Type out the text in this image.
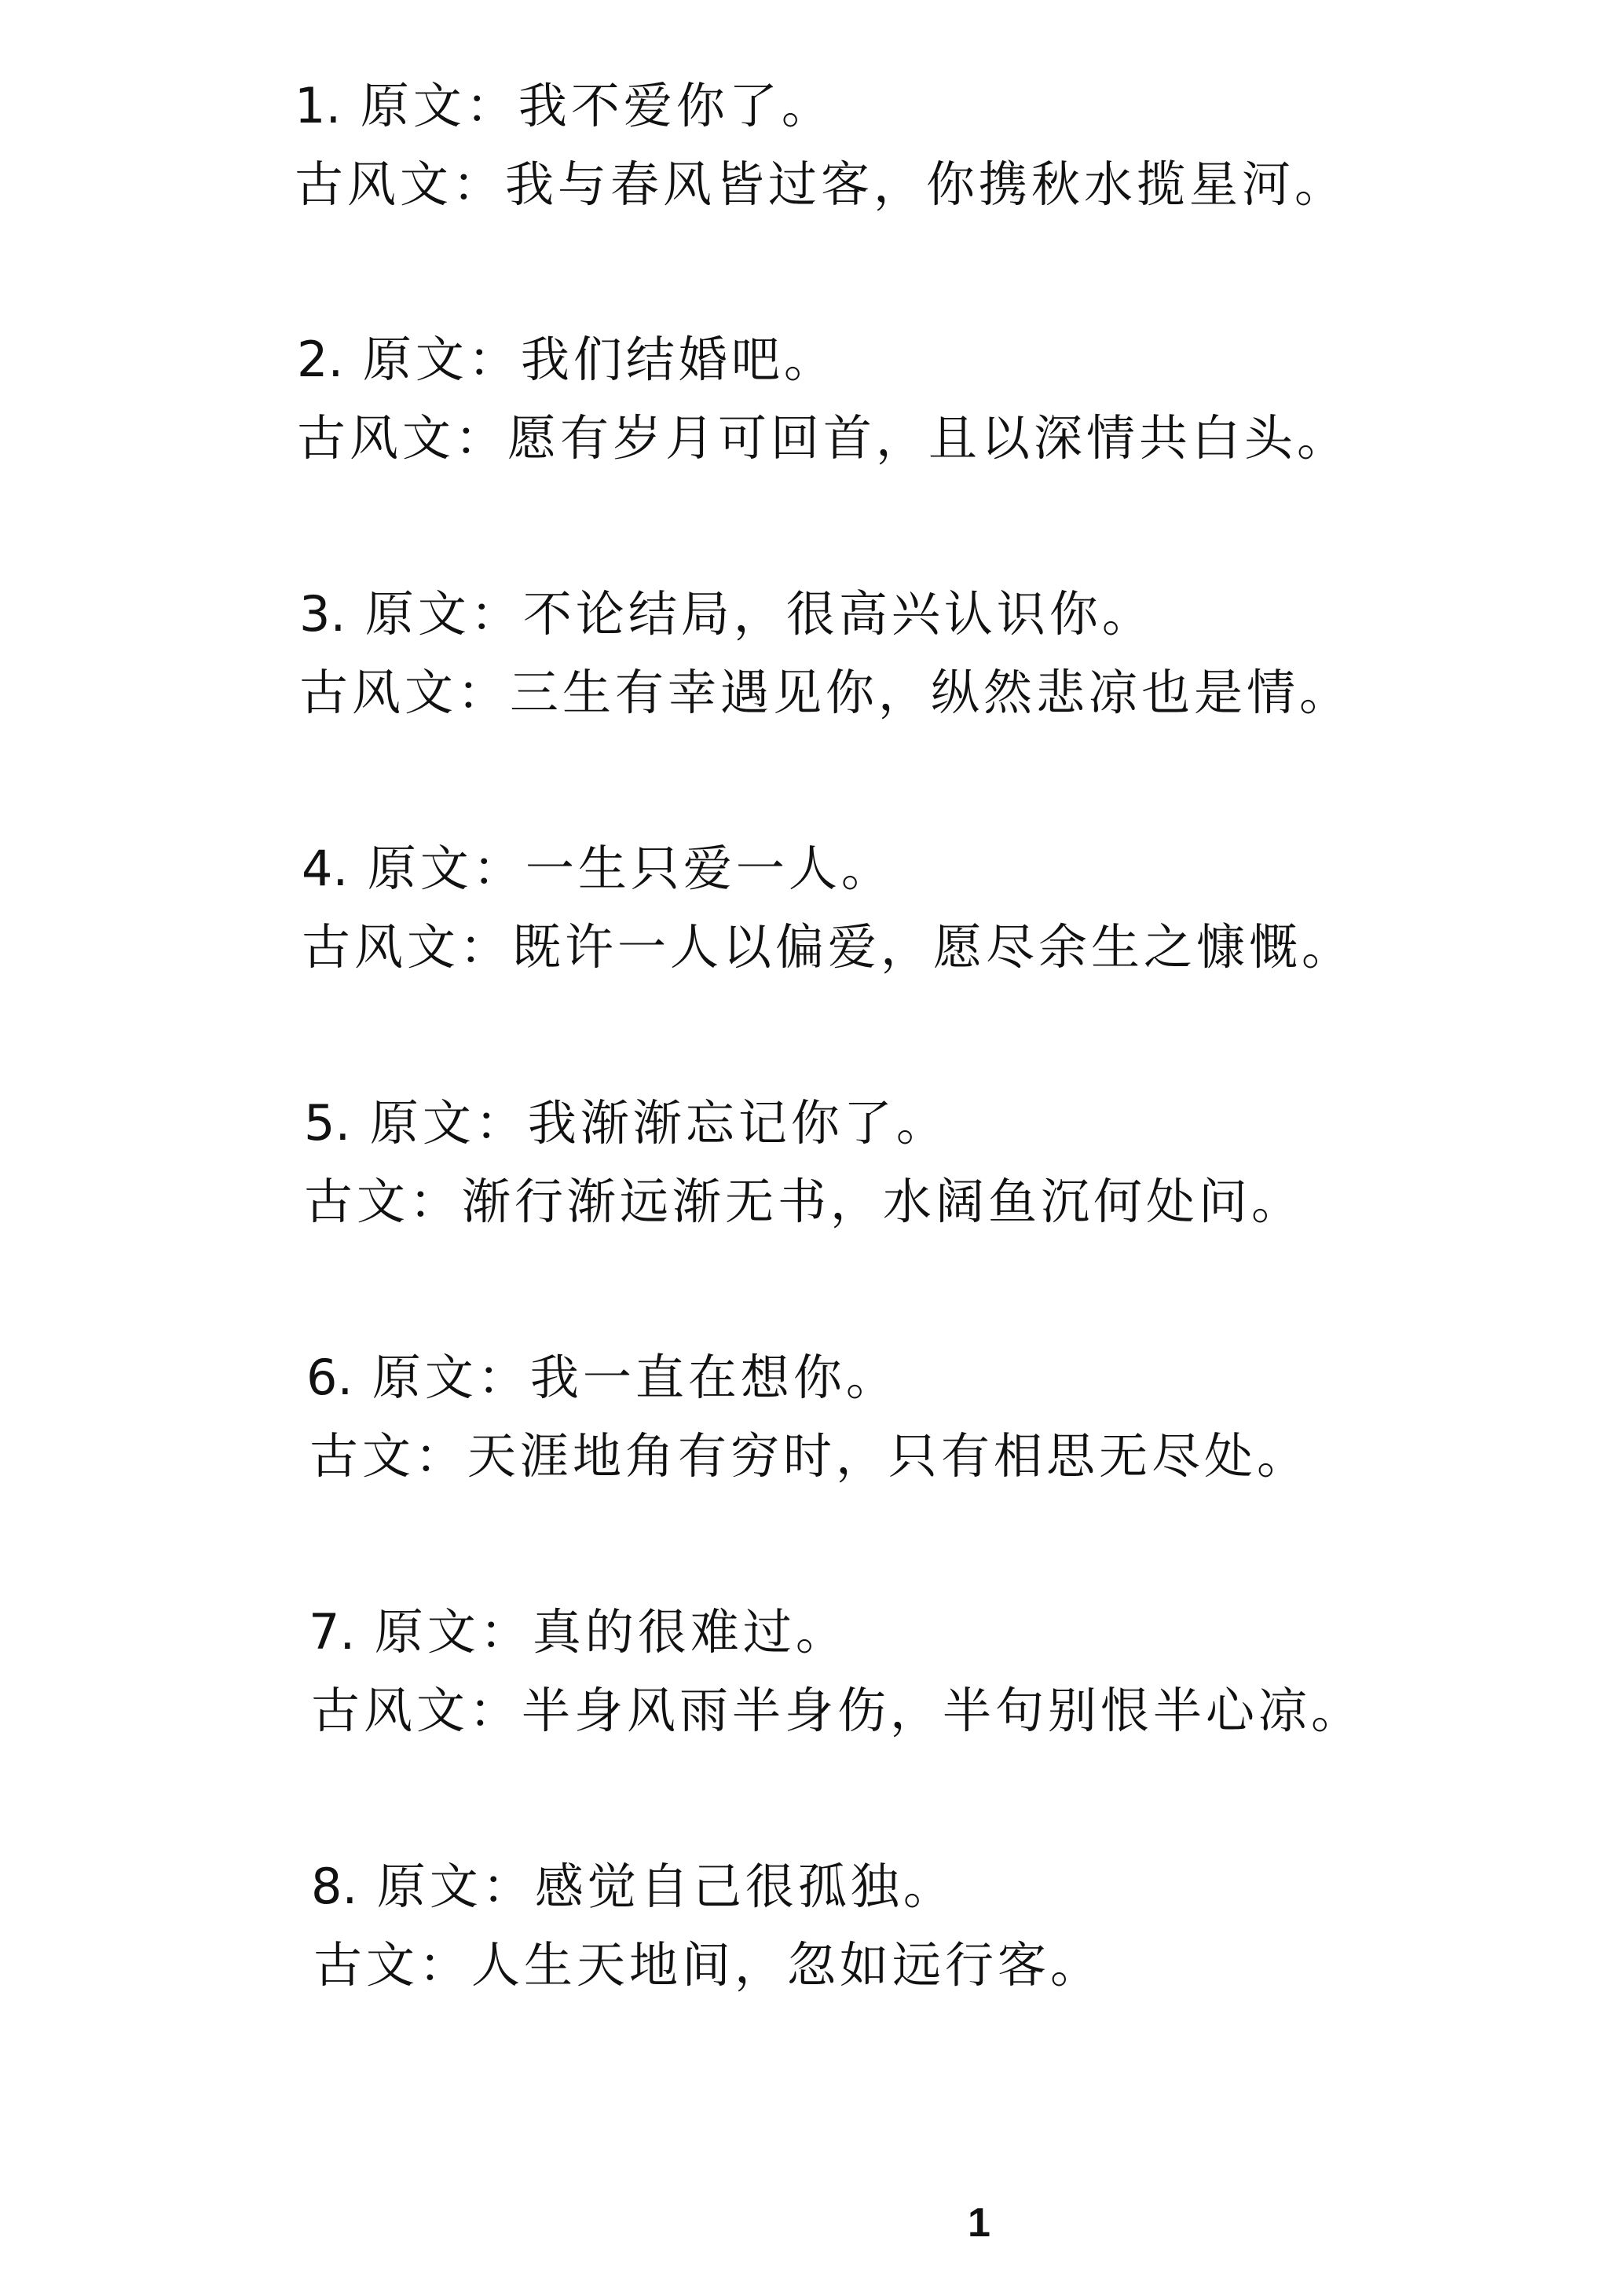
1. 原文：我不爱你了。
古风文：我与春风皆过客，你携秋水揽星河。
2. 原文：我们结婚吧。
古风文：愿有岁月可回首，且以深情共白头。
3. 原文：不论结局，很高兴认识你。
古风文：三生有幸遇见你，纵然悲凉也是情。
4. 原文：一生只爱一人。
古风文：既许一人以偏爱，愿尽余生之慷慨。
5. 原文：我渐渐忘记你了。
古文：渐行渐远渐无书，水阔鱼沉何处问。
6. 原文：我一直在想你。
古文：天涯地角有穷时，只有相思无尽处。
7. 原文：真的很难过。
古风文：半身风雨半身伤，半句别恨半心凉。
8. 原文：感觉自己很孤独。
古文：人生天地间，忽如远行客。
1
